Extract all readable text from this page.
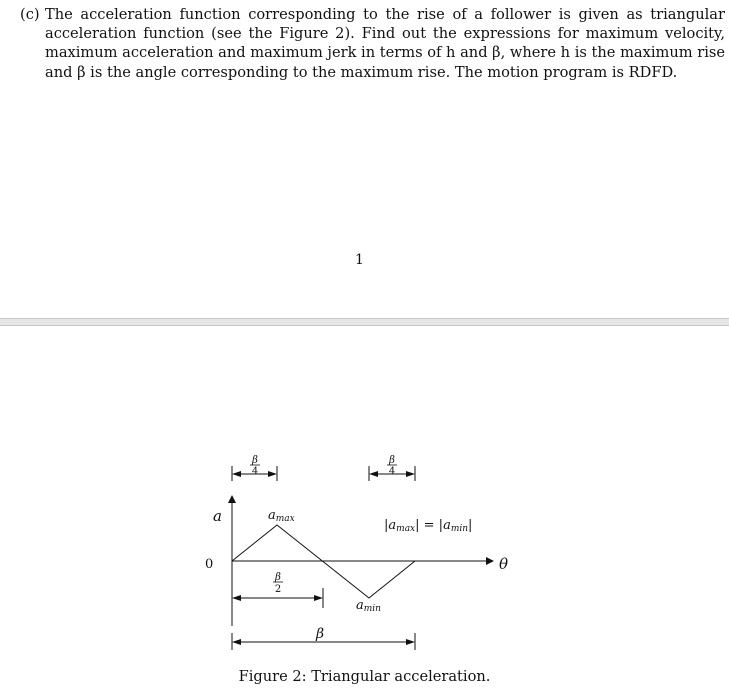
(c) The acceleration function corresponding to the rise of a follower is given as triangular acceleration function (see the Figure 2). Find out the expressions for maximum velocity, maximum acceleration and maximum jerk in terms of h and β, where h is the maximum rise and β is the angle corresponding to the maximum rise. The motion program is RDFD.
1
β
4
β
4
a
0	θ
amax
amin
|amax| = |amin|
β
2
β
Figure 2: Triangular acceleration.
